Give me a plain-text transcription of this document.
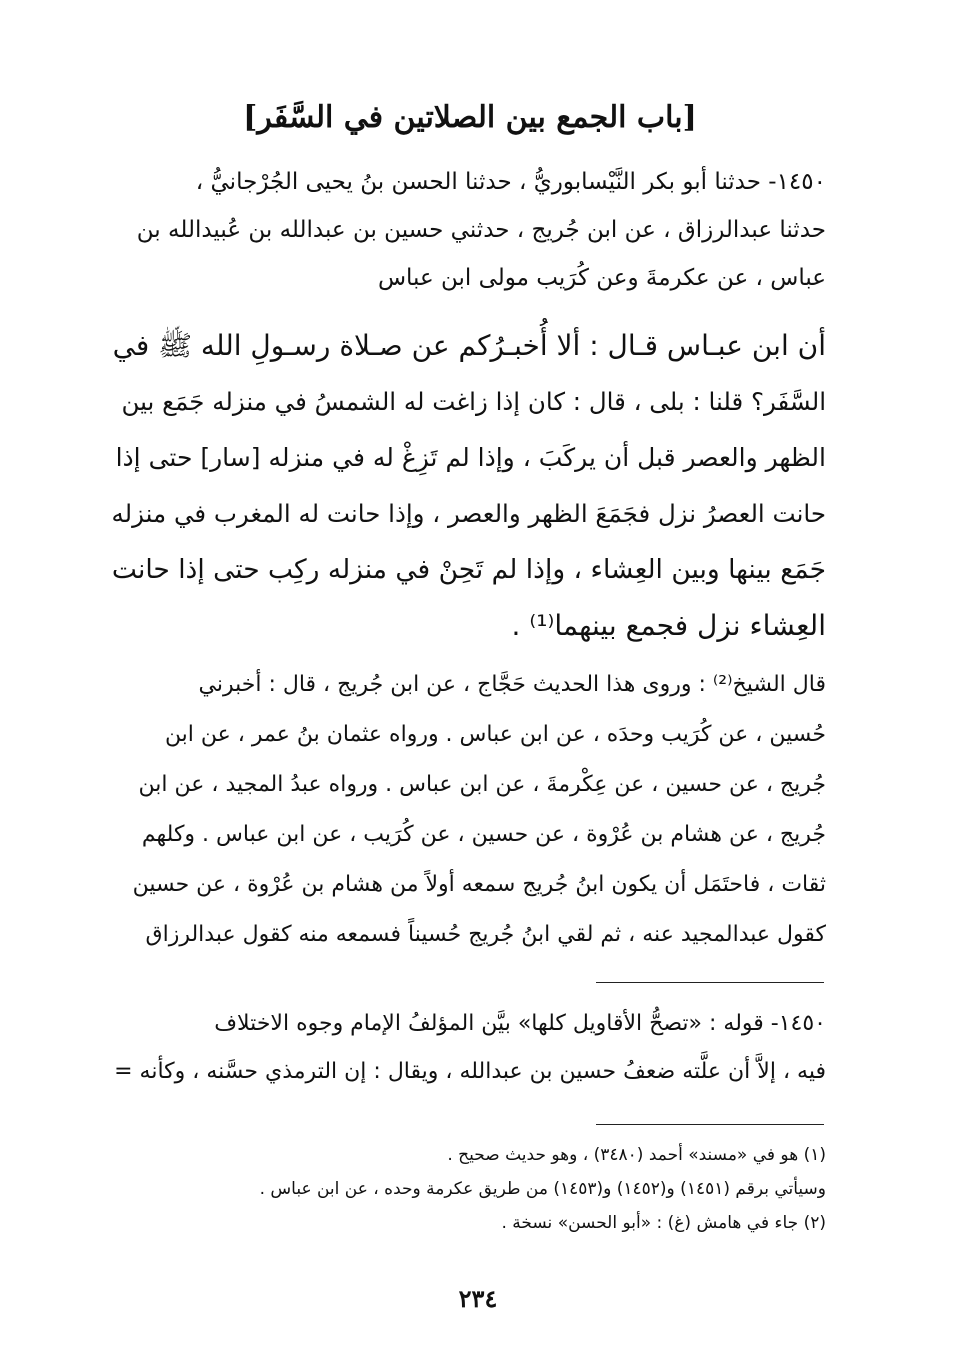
[باب الجمع بين الصلاتين في السَّفَر]
١٤٥٠- حدثنا أبو بكر النَّيْسابوريُّ ، حدثنا الحسن بنُ يحيى الجُرْجانيُّ ،
حدثنا عبدالرزاق ، عن ابن جُريج ، حدثني حسين بن عبدالله بن عُبيدالله بن
عباس ، عن عكرمةَ وعن كُرَيب مولى ابن عباس
أن ابن عبـاس قـال : ألا أُخبـرُكم عن صـلاة رسـولِ الله ﷺ في
السَّفَر؟ قلنا : بلى ، قال : كان إذا زاغت له الشمسُ في منزله جَمَع بين
الظهر والعصر قبل أن يركَبَ ، وإذا لم تَزِغْ له في منزله [سار] حتى إذا
حانت العصرُ نزل فجَمَعَ الظهر والعصر ، وإذا حانت له المغرب في منزله
جَمَع بينها وبين العِشاء ، وإذا لم تَحِنْ في منزله ركِب حتى إذا حانت
العِشاء نزل فجمع بينهما⁽¹⁾ .
قال الشيخ⁽²⁾ : وروى هذا الحديث حَجَّاج ، عن ابن جُريج ، قال : أخبرني
حُسين ، عن كُرَيب وحدَه ، عن ابن عباس . ورواه عثمان بنُ عمر ، عن ابن
جُريج ، عن حسين ، عن عِكْرمةَ ، عن ابن عباس . ورواه عبدُ المجيد ، عن ابن
جُريج ، عن هشام بن عُرْوة ، عن حسين ، عن كُرَيب ، عن ابن عباس . وكلهم
ثقات ، فاحتَمَل أن يكون ابنُ جُريج سمعه أولاً من هشام بن عُرْوة ، عن حسين
كقول عبدالمجيد عنه ، ثم لقي ابنُ جُريج حُسيناً فسمعه منه كقول عبدالرزاق
١٤٥٠- قوله : «تصحُّ الأقاويل كلها» بيَّن المؤلفُ الإمام وجوه الاختلاف
فيه ، إلاَّ أن علَّته ضعفُ حسين بن عبدالله ، ويقال : إن الترمذي حسَّنه ، وكأنه =
(١) هو في «مسند» أحمد (٣٤٨٠) ، وهو حديث صحيح .
وسيأتي برقم (١٤٥١) و(١٤٥٢) و(١٤٥٣) من طريق عكرمة وحده ، عن ابن عباس .
(٢) جاء في هامش (غ) : «أبو الحسن» نسخة .
٢٣٤
